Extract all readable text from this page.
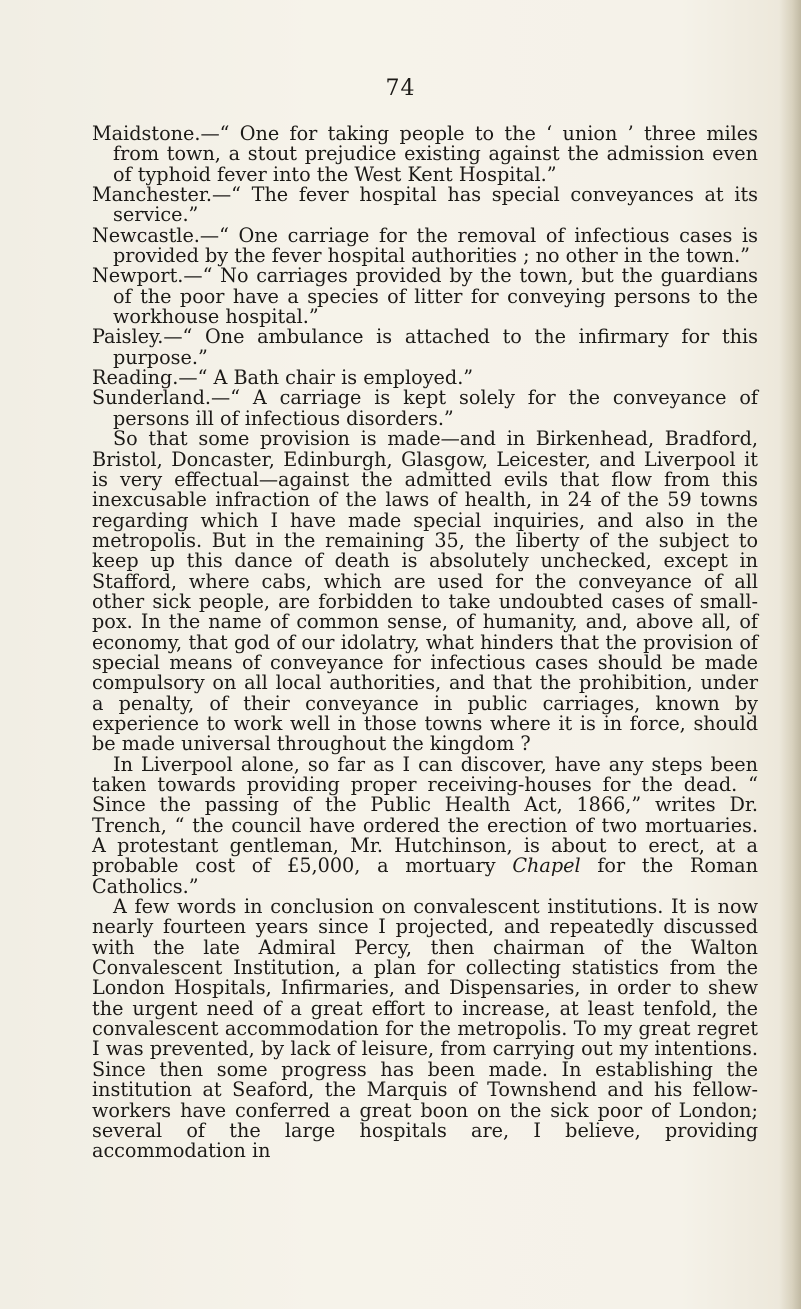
74

Maidstone.—“ One for taking people to the ‘ union ’ three miles from town, a stout prejudice existing against the admission even of typhoid fever into the West Kent Hospital.”

Manchester.—“ The fever hospital has special conveyances at its service.”

Newcastle.—“ One carriage for the removal of infectious cases is provided by the fever hospital authorities ; no other in the town.”

Newport.—“ No carriages provided by the town, but the guardians of the poor have a species of litter for conveying persons to the workhouse hospital.”

Paisley.—“ One ambulance is attached to the infirmary for this purpose.”

Reading.—“ A Bath chair is employed.”

Sunderland.—“ A carriage is kept solely for the conveyance of persons ill of infectious disorders.”

So that some provision is made—and in Birkenhead, Bradford, Bristol, Doncaster, Edinburgh, Glasgow, Leicester, and Liverpool it is very effectual—against the admitted evils that flow from this inexcusable infraction of the laws of health, in 24 of the 59 towns regarding which I have made special inquiries, and also in the metropolis. But in the remaining 35, the liberty of the subject to keep up this dance of death is absolutely unchecked, except in Stafford, where cabs, which are used for the conveyance of all other sick people, are forbidden to take undoubted cases of small-pox. In the name of common sense, of humanity, and, above all, of economy, that god of our idolatry, what hinders that the provision of special means of conveyance for infectious cases should be made compulsory on all local authorities, and that the prohibition, under a penalty, of their conveyance in public carriages, known by experience to work well in those towns where it is in force, should be made universal throughout the kingdom ?

In Liverpool alone, so far as I can discover, have any steps been taken towards providing proper receiving-houses for the dead. “ Since the passing of the Public Health Act, 1866,” writes Dr. Trench, “ the council have ordered the erection of two mortuaries. A protestant gentleman, Mr. Hutchinson, is about to erect, at a probable cost of £5,000, a mortuary Chapel for the Roman Catholics.”

A few words in conclusion on convalescent institutions. It is now nearly fourteen years since I projected, and repeatedly discussed with the late Admiral Percy, then chairman of the Walton Convalescent Institution, a plan for collecting statistics from the London Hospitals, Infirmaries, and Dispensaries, in order to shew the urgent need of a great effort to increase, at least tenfold, the convalescent accommodation for the metropolis. To my great regret I was prevented, by lack of leisure, from carrying out my intentions. Since then some progress has been made. In establishing the institution at Seaford, the Marquis of Townshend and his fellow-workers have conferred a great boon on the sick poor of London; several of the large hospitals are, I believe, providing accommodation in
